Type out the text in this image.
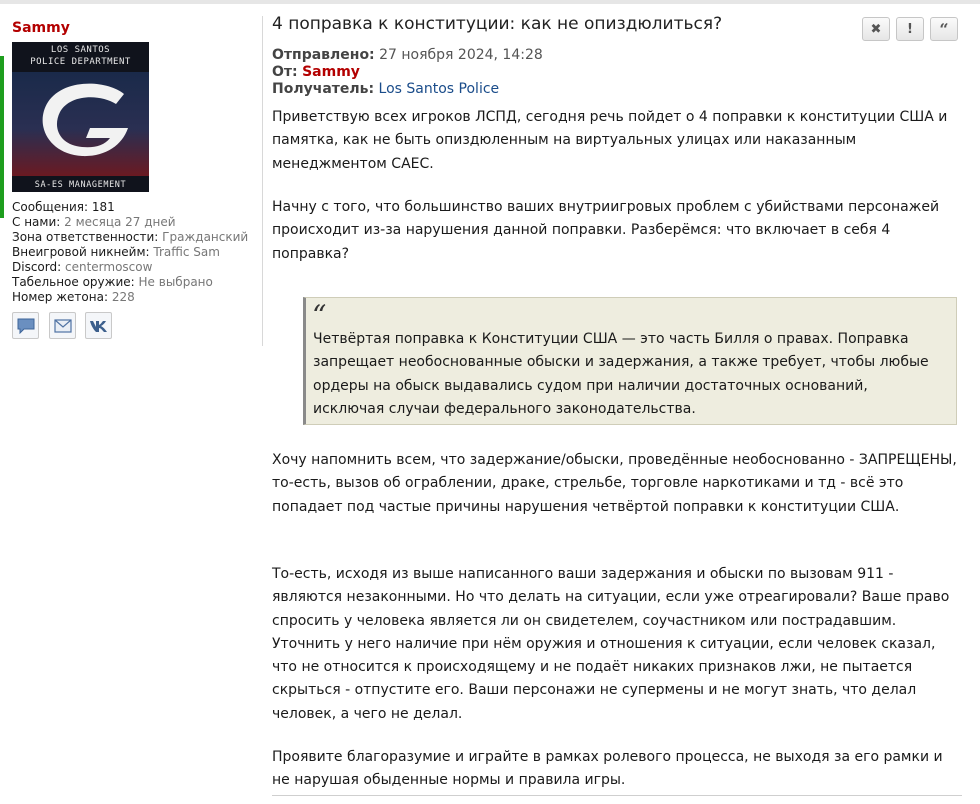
Sammy
LOS SANTOS
POLICE DEPARTMENT
SA-ES MANAGEMENT
Сообщения: 181
С нами: 2 месяца 27 дней
Зона ответственности: Гражданский
Внеигровой никнейм: Traffic Sam
Discord: centermoscow
Табельное оружие: Не выбрано
Номер жетона: 228
4 поправка к конституции: как не опиздюлиться?	✖ ! “
Отправлено: 27 ноября 2024, 14:28
От: Sammy
Получатель: Los Santos Police
Приветствую всех игроков ЛСПД, сегодня речь пойдет о 4 поправки к конституции США и памятка, как не быть опиздюленным на виртуальных улицах или наказанным менеджментом САЕС.
Начну с того, что большинство ваших внутриигровых проблем с убийствами персонажей происходит из-за нарушения данной поправки. Разберёмся: что включает в себя 4 поправка?
“
Четвёртая поправка к Конституции США — это часть Билля о правах. Поправка запрещает необоснованные обыски и задержания, а также требует, чтобы любые ордеры на обыск выдавались судом при наличии достаточных оснований, исключая случаи федерального законодательства.
Хочу напомнить всем, что задержание/обыски, проведённые необоснованно - ЗАПРЕЩЕНЫ, то-есть, вызов об ограблении, драке, стрельбе, торговле наркотиками и тд - всё это попадает под частые причины нарушения четвёртой поправки к конституции США.
То-есть, исходя из выше написанного ваши задержания и обыски по вызовам 911 - являются незаконными. Но что делать на ситуации, если уже отреагировали? Ваше право спросить у человека является ли он свидетелем, соучастником или пострадавшим. Уточнить у него наличие при нём оружия и отношения к ситуации, если человек сказал, что не относится к происходящему и не подаёт никаких признаков лжи, не пытается скрыться - отпустите его. Ваши персонажи не супермены и не могут знать, что делал человек, а чего не делал.
Проявите благоразумие и играйте в рамках ролевого процесса, не выходя за его рамки и не нарушая обыденные нормы и правила игры.
